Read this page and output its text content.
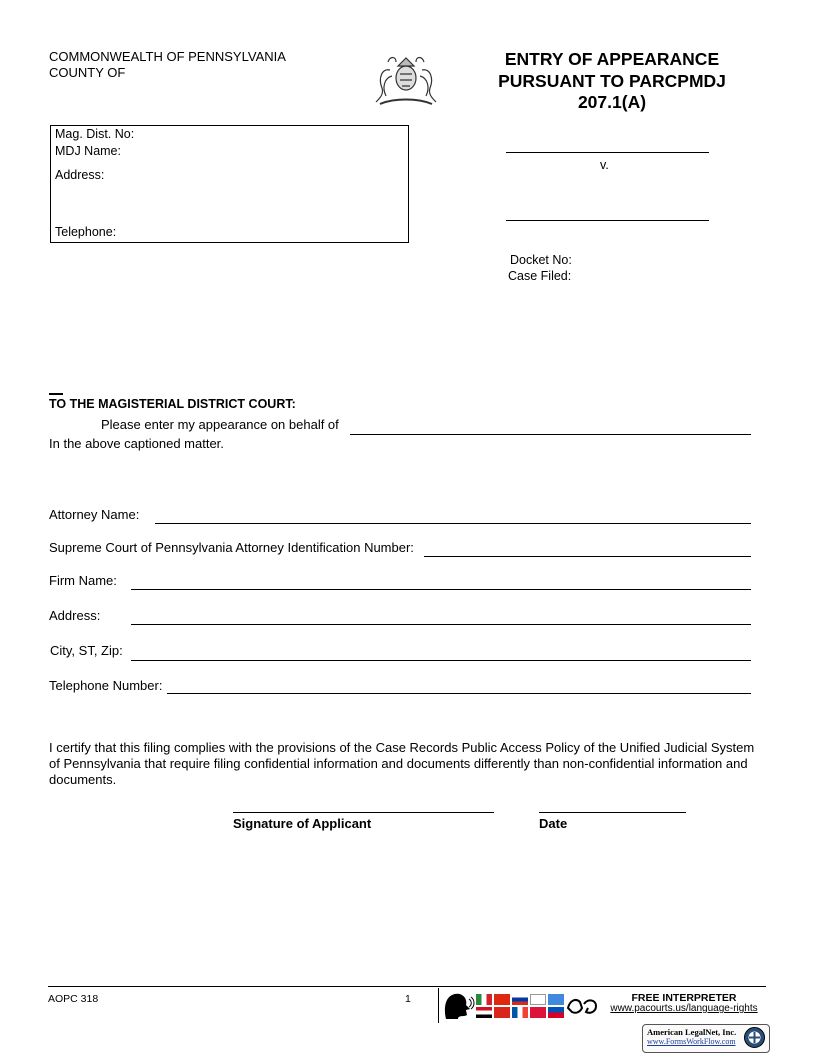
COMMONWEALTH OF PENNSYLVANIA
COUNTY OF
ENTRY OF APPEARANCE
PURSUANT TO PARCPMDJ
207.1(A)
Mag. Dist. No:
MDJ Name:
Address:
Telephone:
v.
Docket No:
Case Filed:
TO THE MAGISTERIAL DISTRICT COURT:
Please enter my appearance on behalf of
In the above captioned matter.
Attorney Name:
Supreme Court of Pennsylvania Attorney Identification Number:
Firm Name:
Address:
City, ST, Zip:
Telephone Number:
I certify that this filing complies with the provisions of the Case Records Public Access Policy of the Unified Judicial System
of Pennsylvania that require filing confidential information and documents differently than non-confidential information and
documents.
Signature of Applicant	Date
AOPC 318	1	FREE INTERPRETER
www.pacourts.us/language-rights
American LegalNet, Inc.
www.FormsWorkFlow.com
